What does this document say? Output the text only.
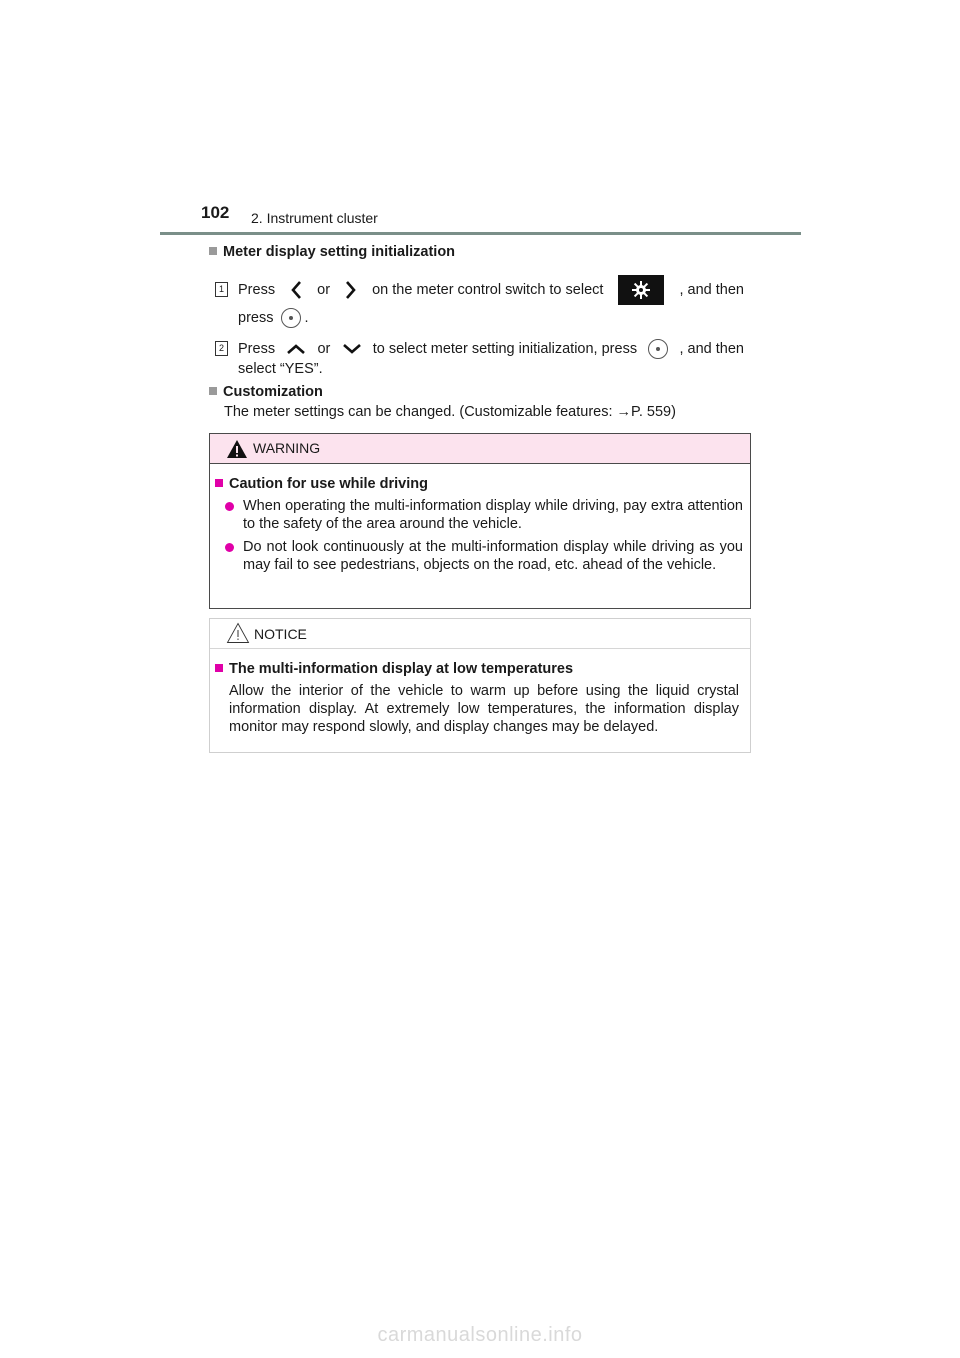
102 2. Instrument cluster
Meter display setting initialization
1 Press	or	on the meter control switch to select	, and then
press .
2 Press	or	to select meter setting initialization, press	, and then
select “YES”.
Customization
The meter settings can be changed. (Customizable features: →P. 559)
WARNING
Caution for use while driving
When operating the multi-information display while driving, pay extra attention to the safety of the area around the vehicle.
Do not look continuously at the multi-information display while driving as you may fail to see pedestrians, objects on the road, etc. ahead of the vehicle.
NOTICE
The multi-information display at low temperatures
Allow the interior of the vehicle to warm up before using the liquid crystal information display. At extremely low temperatures, the information display monitor may respond slowly, and display changes may be delayed.
carmanualsonline.info
